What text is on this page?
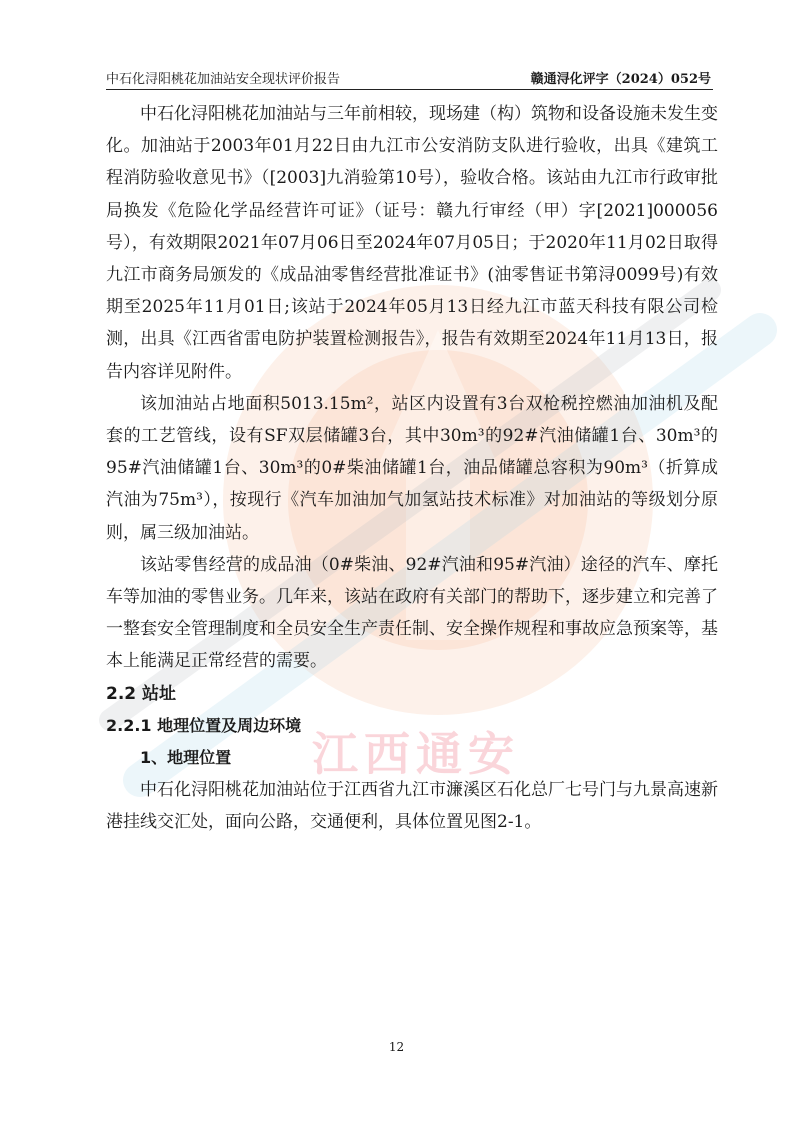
江西通安
中石化浔阳桃花加油站安全现状评价报告	赣通浔化评字（2024）052号

中石化浔阳桃花加油站与三年前相较，现场建（构）筑物和设备设施未发生变化。加油站于2003年01月22日由九江市公安消防支队进行验收，出具《建筑工程消防验收意见书》（[2003]九消验第10号），验收合格。该站由九江市行政审批局换发《危险化学品经营许可证》（证号：赣九行审经（甲）字[2021]000056号），有效期限2021年07月06日至2024年07月05日；于2020年11月02日取得九江市商务局颁发的《成品油零售经营批准证书》(油零售证书第浔0099号)有效期至2025年11月01日;该站于2024年05月13日经九江市蓝天科技有限公司检测，出具《江西省雷电防护装置检测报告》，报告有效期至2024年11月13日，报告内容详见附件。

该加油站占地面积5013.15m²，站区内设置有3台双枪税控燃油加油机及配套的工艺管线，设有SF双层储罐3台，其中30m³的92#汽油储罐1台、30m³的95#汽油储罐1台、30m³的0#柴油储罐1台，油品储罐总容积为90m³（折算成汽油为75m³），按现行《汽车加油加气加氢站技术标准》对加油站的等级划分原则，属三级加油站。

该站零售经营的成品油（0#柴油、92#汽油和95#汽油）途径的汽车、摩托车等加油的零售业务。几年来，该站在政府有关部门的帮助下，逐步建立和完善了一整套安全管理制度和全员安全生产责任制、安全操作规程和事故应急预案等，基本上能满足正常经营的需要。

2.2 站址

2.2.1 地理位置及周边环境

1、地理位置

中石化浔阳桃花加油站位于江西省九江市濂溪区石化总厂七号门与九景高速新港挂线交汇处，面向公路，交通便利，具体位置见图2-1。

12
